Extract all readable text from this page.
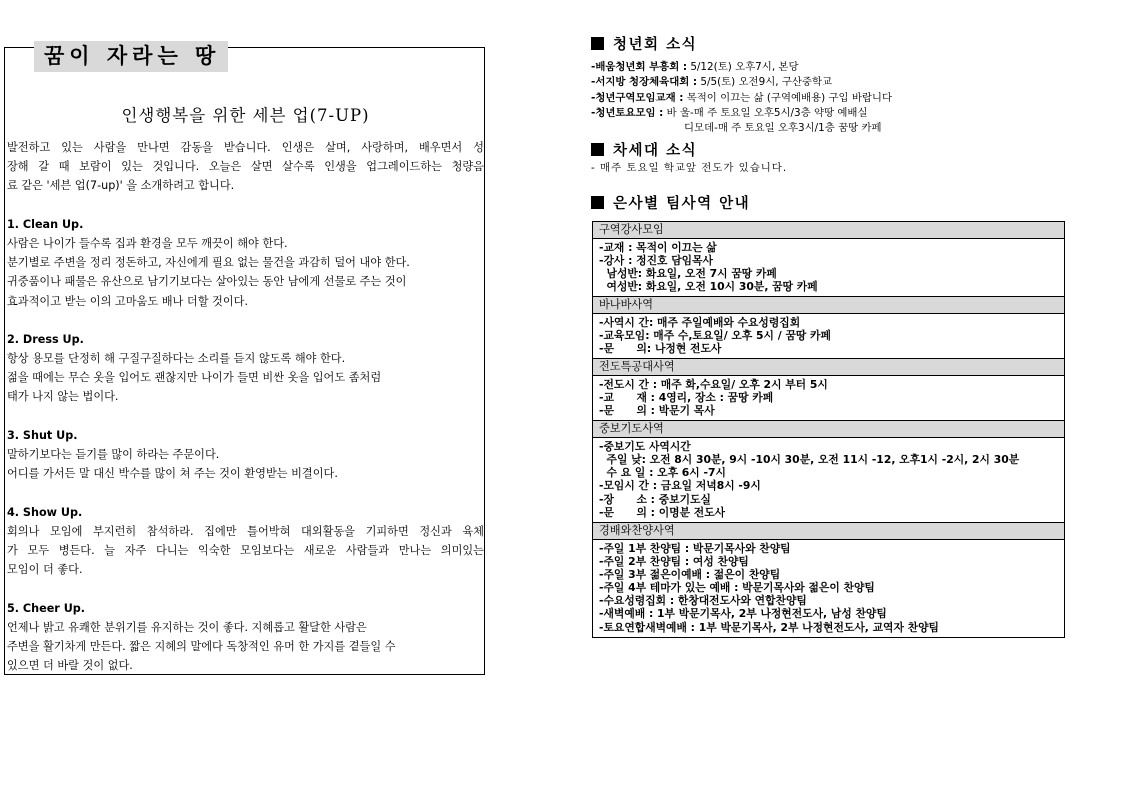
인생행복을 위한 세븐 업(7-UP)
발전하고 있는 사람을 만나면 감동을 받습니다. 인생은 살며, 사랑하며, 배우면서 성
장해 갈 때 보람이 있는 것입니다. 오늘은 살면 살수록 인생을 업그레이드하는 청량음
료 같은 '세븐 업(7-up)' 을 소개하려고 합니다.
1. Clean Up.
사람은 나이가 들수록 집과 환경을 모두 깨끗이 해야 한다.
분기별로 주변을 정리 정돈하고, 자신에게 필요 없는 물건을 과감히 덜어 내야 한다.
귀중품이나 패물은 유산으로 남기기보다는 살아있는 동안 남에게 선물로 주는 것이
효과적이고 받는 이의 고마움도 배나 더할 것이다.
2. Dress Up.
항상 용모를 단정히 해 구질구질하다는 소리를 듣지 않도록 해야 한다.
젊을 때에는 무슨 옷을 입어도 괜찮지만 나이가 들면 비싼 옷을 입어도 좀처럼
태가 나지 않는 법이다.
3. Shut Up.
말하기보다는 듣기를 많이 하라는 주문이다.
어디를 가서든 말 대신 박수를 많이 쳐 주는 것이 환영받는 비결이다.
4. Show Up.
회의나 모임에 부지런히 참석하라. 집에만 틀어박혀 대외활동을 기피하면 정신과 육체
가 모두 병든다. 늘 자주 다니는 익숙한 모임보다는 새로운 사람들과 만나는 의미있는
모임이 더 좋다.
5. Cheer Up.
언제나 밝고 유쾌한 분위기를 유지하는 것이 좋다. 지혜롭고 활달한 사람은
주변을 활기차게 만든다. 짧은 지혜의 말에다 독창적인 유머 한 가지를 곁들일 수
있으면 더 바랄 것이 없다.
꿈이 자라는 땅	청년회 소식
-배움청년회 부흥회 : 5/12(토) 오후7시, 본당
-서지방 청장체육대회 : 5/5(토) 오전9시, 구산중학교
-청년구역모임교재 : 목적이 이끄는 삶 (구역예배용) 구입 바랍니다
-청년토요모임 : 바 울-매 주 토요일 오후5시/3층 약땅 예배실
디모데-매 주 토요일 오후3시/1층 꿈땅 카페
차세대 소식
- 매주 토요일 학교앞 전도가 있습니다.
은사별 팀사역 안내
구역강사모임
-교재 : 목적이 이끄는 삶
-강사 : 정진호 담임목사
남성반: 화요일, 오전 7시 꿈땅 카페
여성반: 화요일, 오전 10시 30분, 꿈땅 카페
바나바사역
-사역시 간: 매주 주일예배와 수요성령집회
-교육모임: 매주 수,토요일/ 오후 5시 / 꿈땅 카페
-문      의: 나정현 전도사
전도특공대사역
-전도시 간 : 매주 화,수요일/ 오후 2시 부터 5시
-교      재 : 4영리, 장소 : 꿈땅 카페
-문      의 : 박문기 목사
중보기도사역
-중보기도 사역시간
주일 낮: 오전 8시 30분, 9시 -10시 30분, 오전 11시 -12, 오후1시 -2시, 2시 30분
수 요 일 : 오후 6시 -7시
-모임시 간 : 금요일 저녁8시 -9시
-장      소 : 중보기도실
-문      의 : 이명분 전도사
경배와찬양사역
-주일 1부 찬양팀 : 박문기목사와 찬양팀
-주일 2부 찬양팀 : 여성 찬양팀
-주일 3부 젊은이예배 : 젊은이 찬양팀
-주일 4부 테마가 있는 예배 : 박문기목사와 젊은이 찬양팀
-수요성령집회 : 한창대전도사와 연합찬양팀
-새벽예배 : 1부 박문기목사, 2부 나정현전도사, 남성 찬양팀
-토요연합새벽예배 : 1부 박문기목사, 2부 나정현전도사, 교역자 찬양팀
